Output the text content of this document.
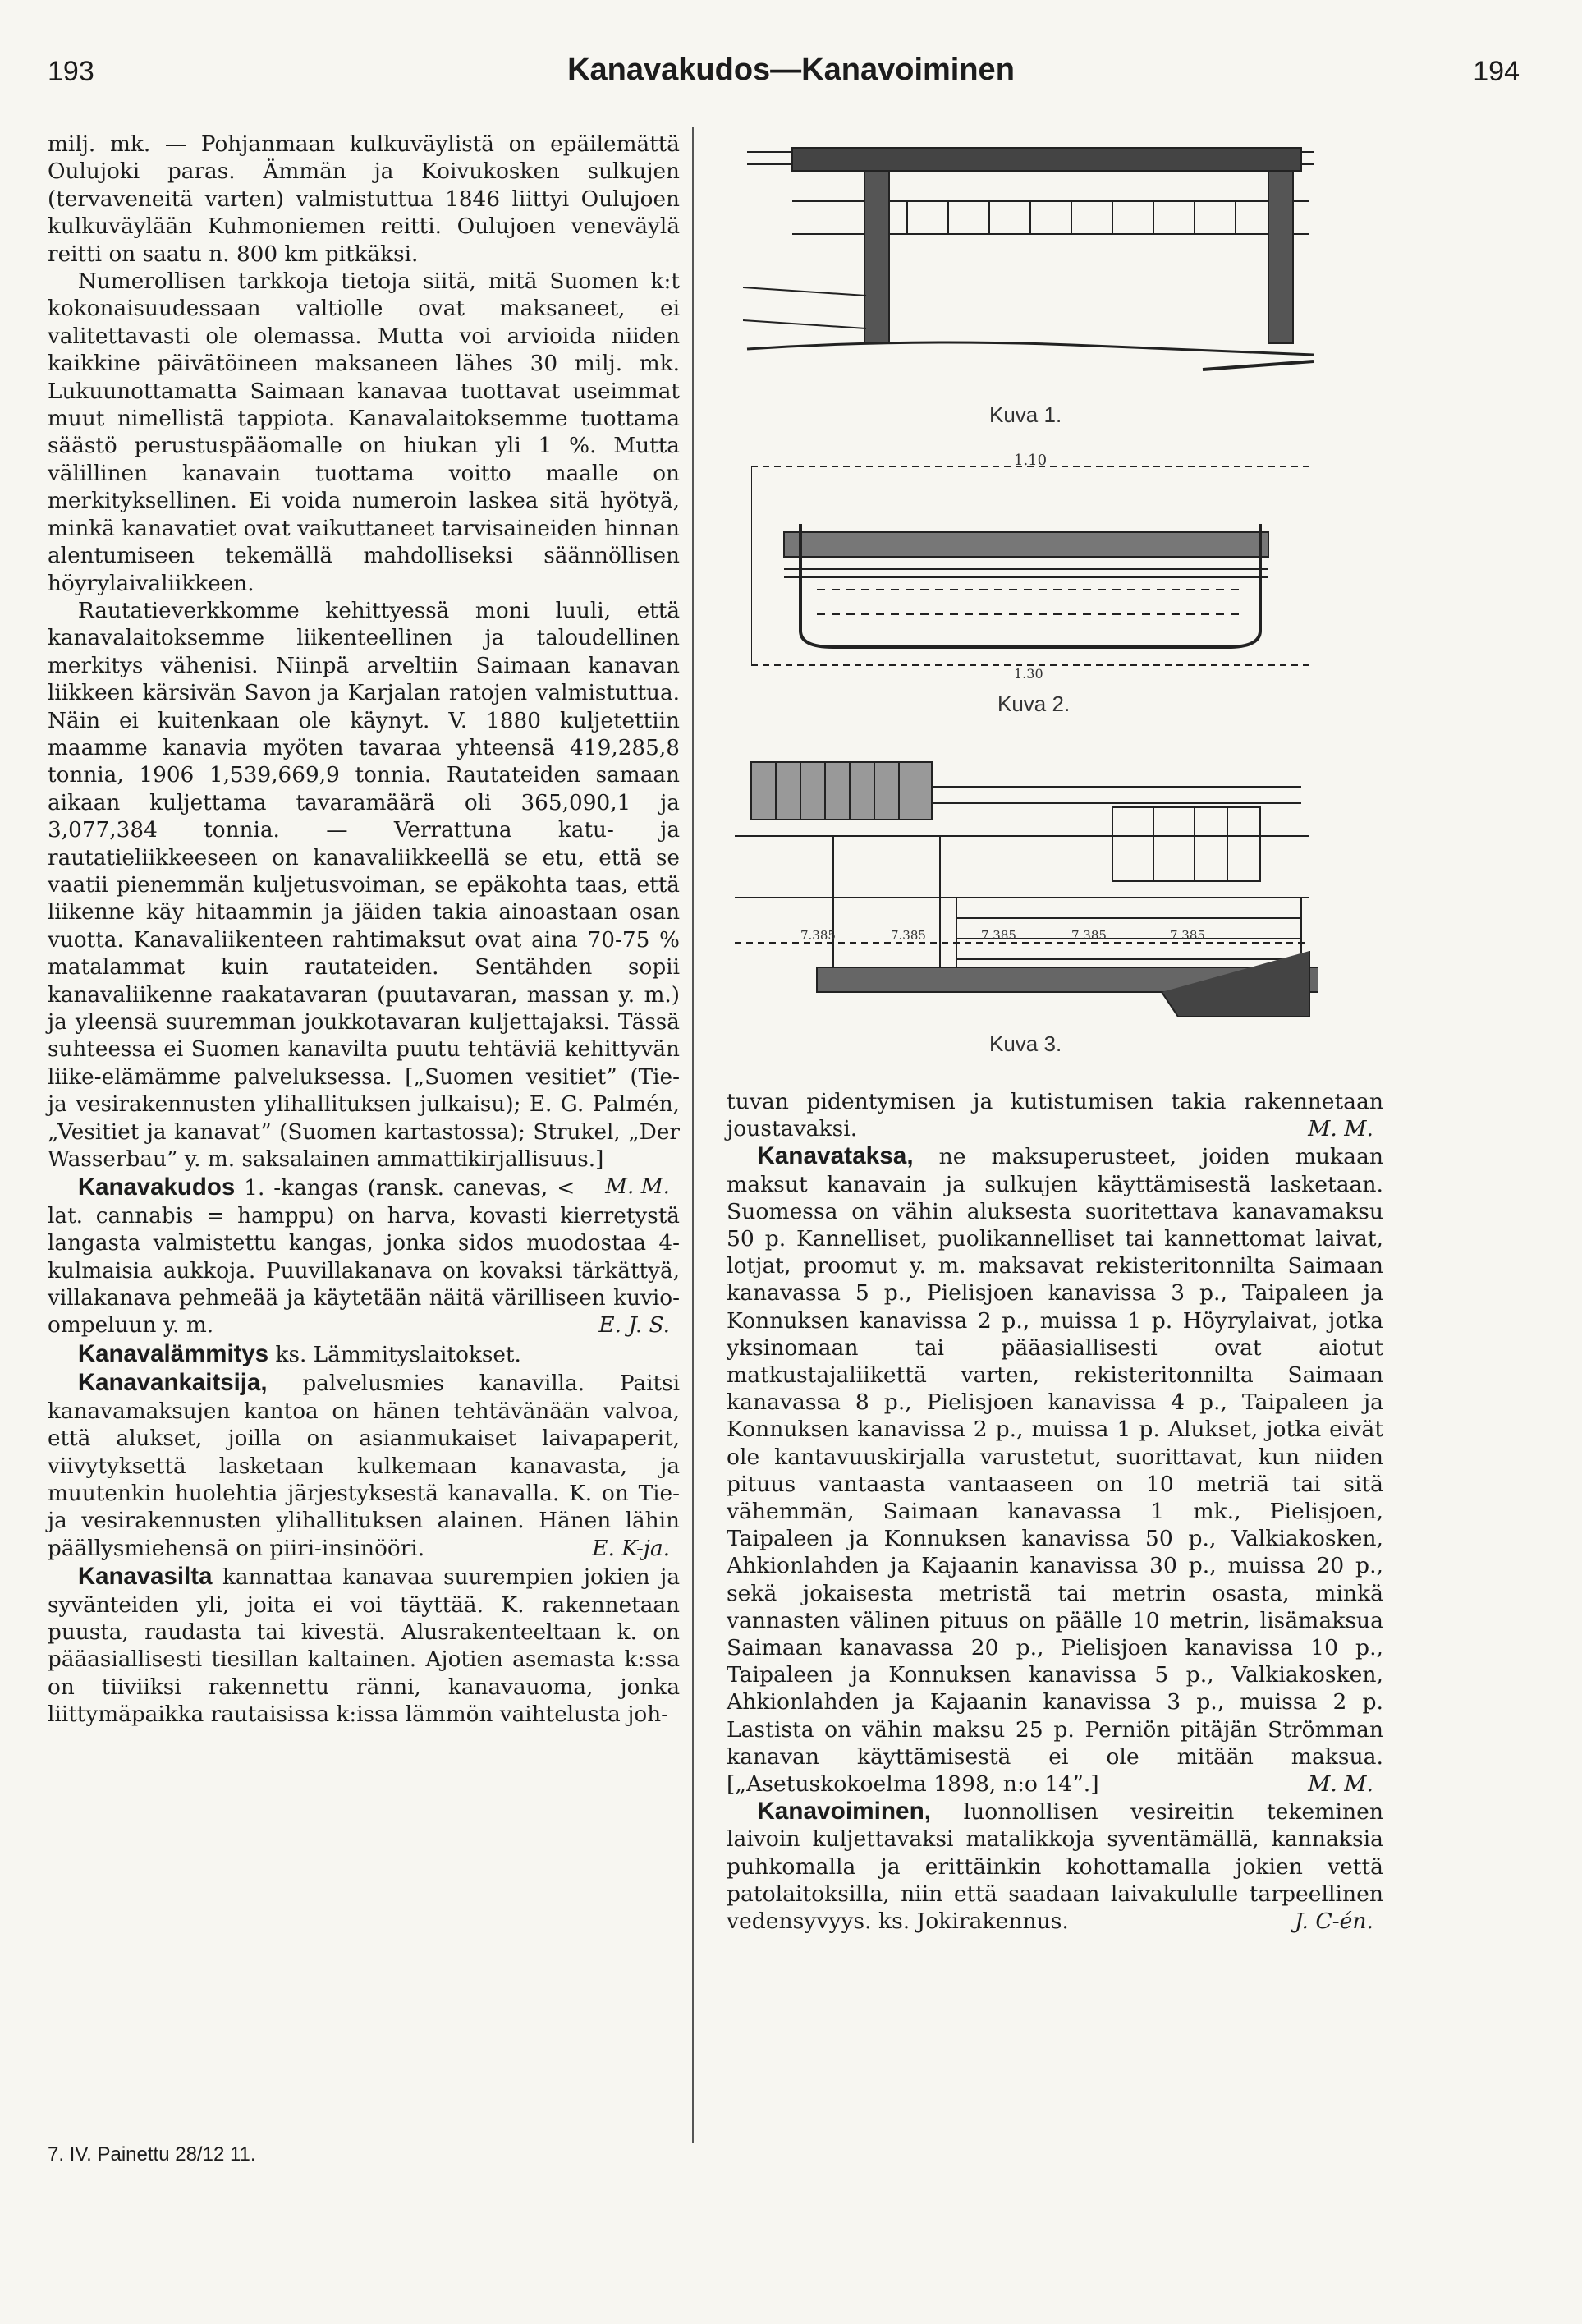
193	Kanavakudos—Kanavoiminen	194

milj. mk. — Pohjanmaan kulkuväylistä on epäilemättä Oulujoki paras. Ämmän ja Koivukosken sulkujen (tervaveneitä varten) valmistuttua 1846 liittyi Oulujoen kulkuväylään Kuhmoniemen reitti. Oulujoen veneväylä reitti on saatu n. 800 km pitkäksi.

Numerollisen tarkkoja tietoja siitä, mitä Suomen k:t kokonaisuudessaan valtiolle ovat maksaneet, ei valitettavasti ole olemassa. Mutta voi arvioida niiden kaikkine päivätöineen maksaneen lähes 30 milj. mk. Lukuunottamatta Saimaan kanavaa tuottavat useimmat muut nimellistä tappiota. Kanavalaitoksemme tuottama säästö perustuspääomalle on hiukan yli 1 %. Mutta välillinen kanavain tuottama voitto maalle on merkityksellinen. Ei voida numeroin laskea sitä hyötyä, minkä kanavatiet ovat vaikuttaneet tarvisaineiden hinnan alentumiseen tekemällä mahdolliseksi säännöllisen höyrylaivaliikkeen.

Rautatieverkkomme kehittyessä moni luuli, että kanavalaitoksemme liikenteellinen ja taloudellinen merkitys vähenisi. Niinpä arveltiin Saimaan kanavan liikkeen kärsivän Savon ja Karjalan ratojen valmistuttua. Näin ei kuitenkaan ole käynyt. V. 1880 kuljetettiin maamme kanavia myöten tavaraa yhteensä 419,285,8 tonnia, 1906 1,539,669,9 tonnia. Rautateiden samaan aikaan kuljettama tavaramäärä oli 365,090,1 ja 3,077,384 tonnia. — Verrattuna katu- ja rautatieliikkeeseen on kanavaliikkeellä se etu, että se vaatii pienemmän kuljetusvoiman, se epäkohta taas, että liikenne käy hitaammin ja jäiden takia ainoastaan osan vuotta. Kanavaliikenteen rahtimaksut ovat aina 70-75 % matalammat kuin rautateiden. Sentähden sopii kanavaliikenne raakatavaran (puutavaran, massan y. m.) ja yleensä suuremman joukkotavaran kuljettajaksi. Tässä suhteessa ei Suomen kanavilta puutu tehtäviä kehittyvän liike-elämämme palveluksessa. [„Suomen vesitiet” (Tie- ja vesirakennusten ylihallituksen julkaisu); E. G. Palmén, „Vesitiet ja kanavat” (Suomen kartastossa); Strukel, „Der Wasserbau” y. m. saksalainen ammattikirjallisuus.]
M. M.

Kanavakudos 1. -kangas (ransk. canevas, < lat. cannabis = hamppu) on harva, kovasti kierretystä langasta valmistettu kangas, jonka sidos muodostaa 4-kulmaisia aukkoja. Puuvillakanava on kovaksi tärkättyä, villakanava pehmeää ja käytetään näitä värilliseen kuvio-ompeluun y. m.	E. J. S.

Kanavalämmitys ks. Lämmityslaitokset.

Kanavankaitsija, palvelusmies kanavilla. Paitsi kanavamaksujen kantoa on hänen tehtävänään valvoa, että alukset, joilla on asianmukaiset laivapaperit, viivytyksettä lasketaan kulkemaan kanavasta, ja muutenkin huolehtia järjestyksestä kanavalla. K. on Tie- ja vesirakennusten ylihallituksen alainen. Hänen lähin päällysmiehensä on piiri-insinööri.	E. K-ja.

Kanavasilta kannattaa kanavaa suurempien jokien ja syvänteiden yli, joita ei voi täyttää. K. rakennetaan puusta, raudasta tai kivestä. Alusrakenteeltaan k. on pääasiallisesti tiesillan kaltainen. Ajotien asemasta k:ssa on tiiviiksi rakennettu ränni, kanavauoma, jonka liittymäpaikka rautaisissa k:issa lämmön vaihtelusta joh-

Kuva 1.
1.10
1.30
Kuva 2.
7.385	7.385	7.385	7.385	7.385
Kuva 3.

tuvan pidentymisen ja kutistumisen takia rakennetaan joustavaksi.	M. M.

Kanavataksa, ne maksuperusteet, joiden mukaan maksut kanavain ja sulkujen käyttämisestä lasketaan. Suomessa on vähin aluksesta suoritettava kanavamaksu 50 p. Kannelliset, puolikannelliset tai kannettomat laivat, lotjat, proomut y. m. maksavat rekisteritonnilta Saimaan kanavassa 5 p., Pielisjoen kanavissa 3 p., Taipaleen ja Konnuksen kanavissa 2 p., muissa 1 p. Höyrylaivat, jotka yksinomaan tai pääasiallisesti ovat aiotut matkustajaliikettä varten, rekisteritonnilta Saimaan kanavassa 8 p., Pielisjoen kanavissa 4 p., Taipaleen ja Konnuksen kanavissa 2 p., muissa 1 p. Alukset, jotka eivät ole kantavuuskirjalla varustetut, suorittavat, kun niiden pituus vantaasta vantaaseen on 10 metriä tai sitä vähemmän, Saimaan kanavassa 1 mk., Pielisjoen, Taipaleen ja Konnuksen kanavissa 50 p., Valkiakosken, Ahkionlahden ja Kajaanin kanavissa 30 p., muissa 20 p., sekä jokaisesta metristä tai metrin osasta, minkä vannasten välinen pituus on päälle 10 metrin, lisämaksua Saimaan kanavassa 20 p., Pielisjoen kanavissa 10 p., Taipaleen ja Konnuksen kanavissa 5 p., Valkiakosken, Ahkionlahden ja Kajaanin kanavissa 3 p., muissa 2 p. Lastista on vähin maksu 25 p. Perniön pitäjän Strömman kanavan käyttämisestä ei ole mitään maksua. [„Asetuskokoelma 1898, n:o 14”.]	M. M.

Kanavoiminen, luonnollisen vesireitin tekeminen laivoin kuljettavaksi matalikkoja syventämällä, kannaksia puhkomalla ja erittäinkin kohottamalla jokien vettä patolaitoksilla, niin että saadaan laivakululle tarpeellinen vedensyvyys. ks. Jokirakennus.	J. C-én.

7. IV. Painettu 28/12 11.
